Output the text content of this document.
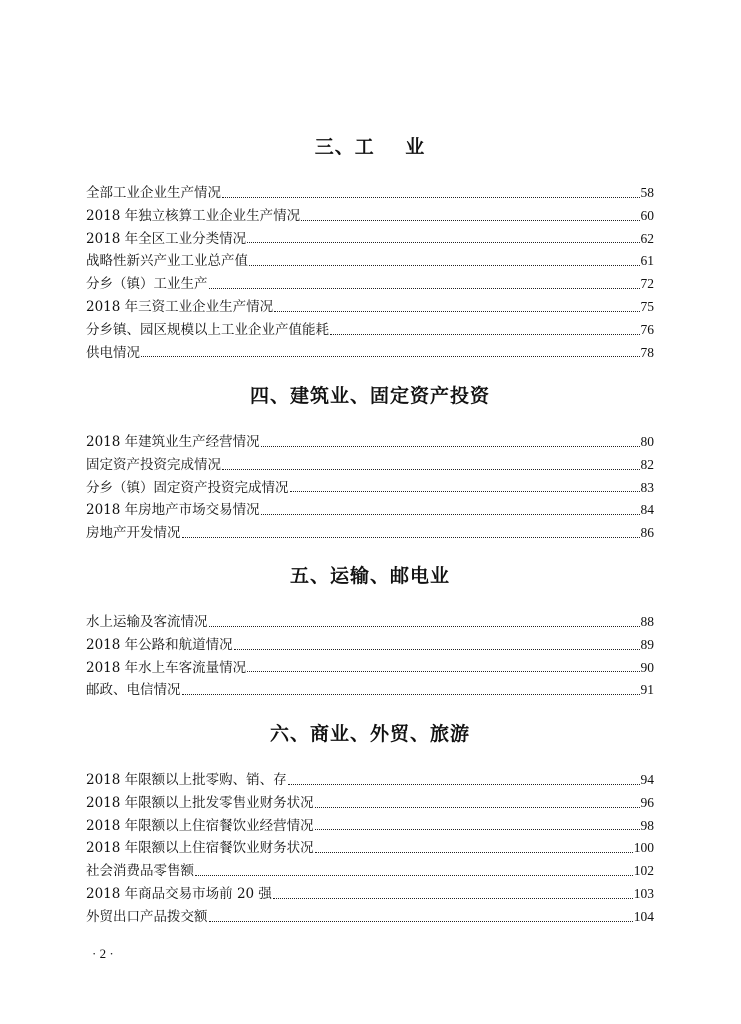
三、工    业
全部工业企业生产情况	58
2018 年独立核算工业企业生产情况	60
2018 年全区工业分类情况	62
战略性新兴产业工业总产值	61
分乡（镇）工业生产	72
2018 年三资工业企业生产情况	75
分乡镇、园区规模以上工业企业产值能耗	76
供电情况	78
四、建筑业、固定资产投资
2018 年建筑业生产经营情况	80
固定资产投资完成情况	82
分乡（镇）固定资产投资完成情况	83
2018 年房地产市场交易情况	84
房地产开发情况	86
五、运输、邮电业
水上运输及客流情况	88
2018 年公路和航道情况	89
2018 年水上车客流量情况	90
邮政、电信情况	91
六、商业、外贸、旅游
2018 年限额以上批零购、销、存	94
2018 年限额以上批发零售业财务状况	96
2018 年限额以上住宿餐饮业经营情况	98
2018 年限额以上住宿餐饮业财务状况	100
社会消费品零售额	102
2018 年商品交易市场前 20 强	103
外贸出口产品拨交额	104
· 2 ·
